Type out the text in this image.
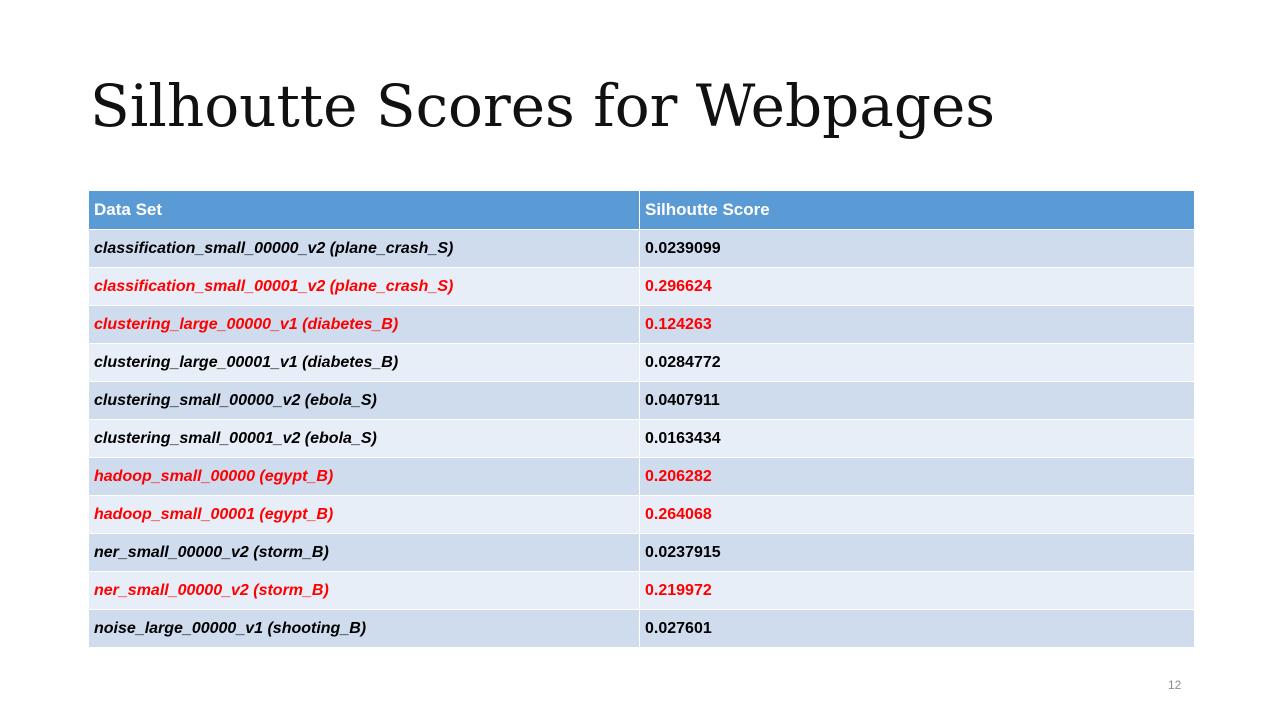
Silhoutte Scores for Webpages
Data Set	Silhoutte Score
classification_small_00000_v2 (plane_crash_S)	0.0239099
classification_small_00001_v2 (plane_crash_S)	0.296624
clustering_large_00000_v1 (diabetes_B)	0.124263
clustering_large_00001_v1 (diabetes_B)	0.0284772
clustering_small_00000_v2 (ebola_S)	0.0407911
clustering_small_00001_v2 (ebola_S)	0.0163434
hadoop_small_00000 (egypt_B)	0.206282
hadoop_small_00001 (egypt_B)	0.264068
ner_small_00000_v2 (storm_B)	0.0237915
ner_small_00000_v2 (storm_B)	0.219972
noise_large_00000_v1 (shooting_B)	0.027601
12
